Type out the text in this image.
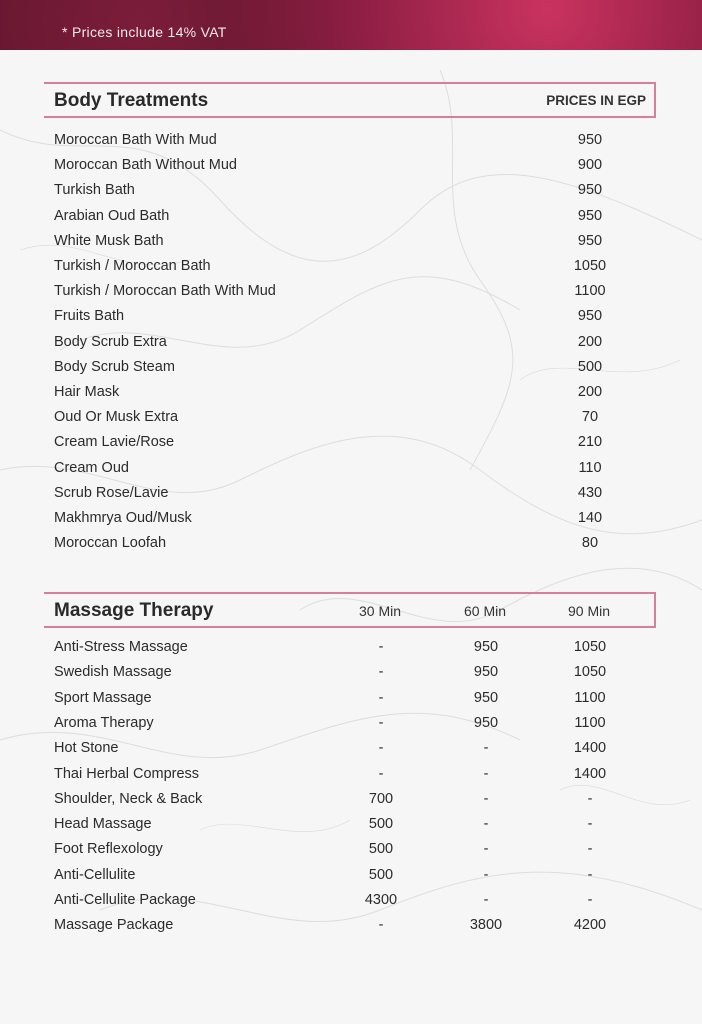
* Prices include 14% VAT
Body Treatments	PRICES IN EGP
Moroccan Bath With Mud	950
Moroccan Bath Without Mud	900
Turkish Bath	950
Arabian Oud Bath	950
White Musk Bath	950
Turkish / Moroccan Bath	1050
Turkish / Moroccan Bath With Mud	1100
Fruits Bath	950
Body Scrub Extra	200
Body Scrub Steam	500
Hair Mask	200
Oud Or Musk Extra	70
Cream Lavie/Rose	210
Cream Oud	110
Scrub Rose/Lavie	430
Makhmrya Oud/Musk	140
Moroccan Loofah	80
Massage Therapy	30 Min	60 Min	90 Min
Anti-Stress Massage	-	950	1050
Swedish Massage	-	950	1050
Sport Massage	-	950	1100
Aroma Therapy	-	950	1100
Hot Stone	-	-	1400
Thai Herbal Compress	-	-	1400
Shoulder, Neck & Back	700	-	-
Head Massage	500	-	-
Foot Reflexology	500	-	-
Anti-Cellulite	500	-	-
Anti-Cellulite Package	4300	-	-
Massage Package	-	3800	4200
